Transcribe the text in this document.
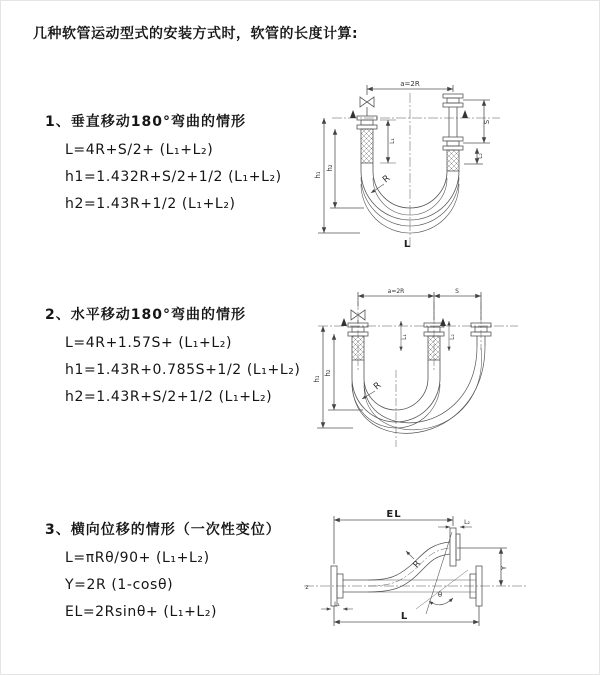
几种软管运动型式的安装方式时，软管的长度计算:
1、垂直移动180°弯曲的情形
L=4R+S/2+ (L₁+L₂)
h1=1.432R+S/2+1/2 (L₁+L₂)
h2=1.43R+1/2 (L₁+L₂)
2、水平移动180°弯曲的情形
L=4R+1.57S+ (L₁+L₂)
h1=1.43R+0.785S+1/2 (L₁+L₂)
h2=1.43R+S/2+1/2 (L₁+L₂)
3、横向位移的情形（一次性变位）
L=πRθ/90+ (L₁+L₂)
Y=2R (1-cosθ)
EL=2Rsinθ+ (L₁+L₂)
a=2R
h₁
h₂
L₁
S
L₂
R
L
a=2R	S
h₁
h₂
L₁	L₂
R
z
EL
L₂
Y
L
L₁
R
θ
